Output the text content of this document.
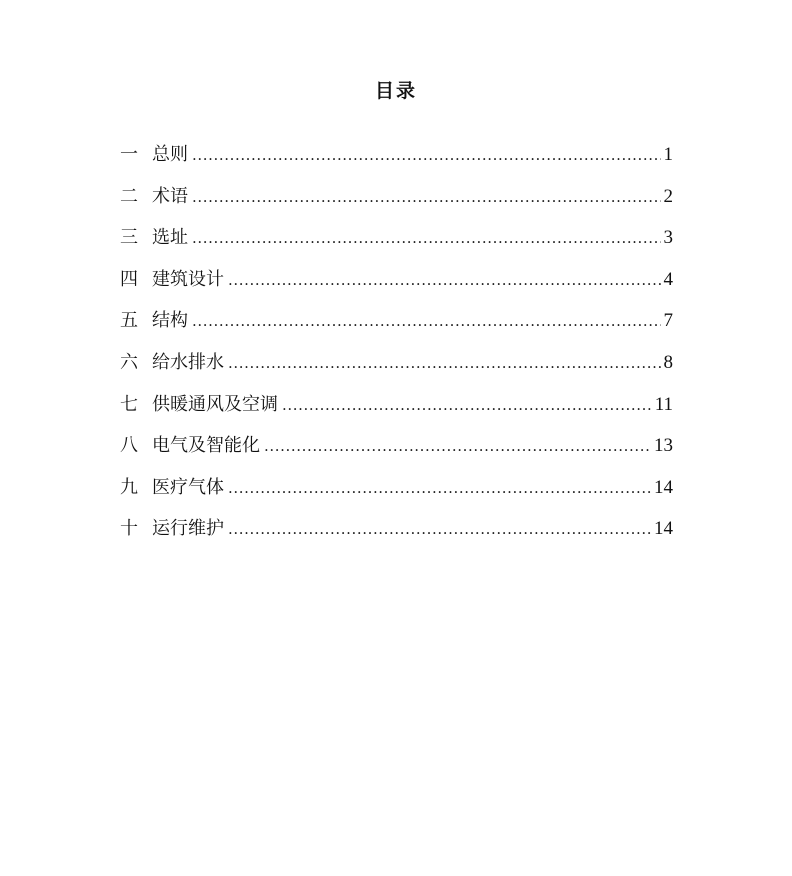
目录
一 总则 .....	1
二 术语 .....	2
三 选址 .....	3
四 建筑设计 .....	4
五 结构 .....	7
六 给水排水 .....	8
七 供暖通风及空调 .....	11
八 电气及智能化 .....	13
九 医疗气体 .....	14
十 运行维护 .....	14
